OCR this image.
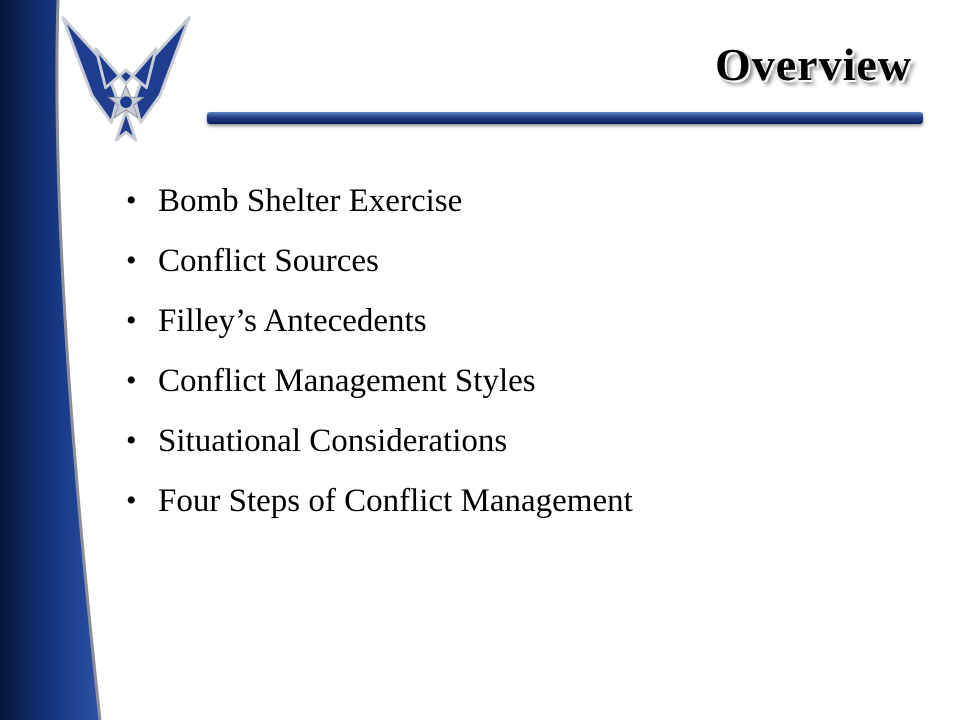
Overview
• Bomb Shelter Exercise
• Conflict Sources
• Filley’s Antecedents
• Conflict Management Styles
• Situational Considerations
• Four Steps of Conflict Management
